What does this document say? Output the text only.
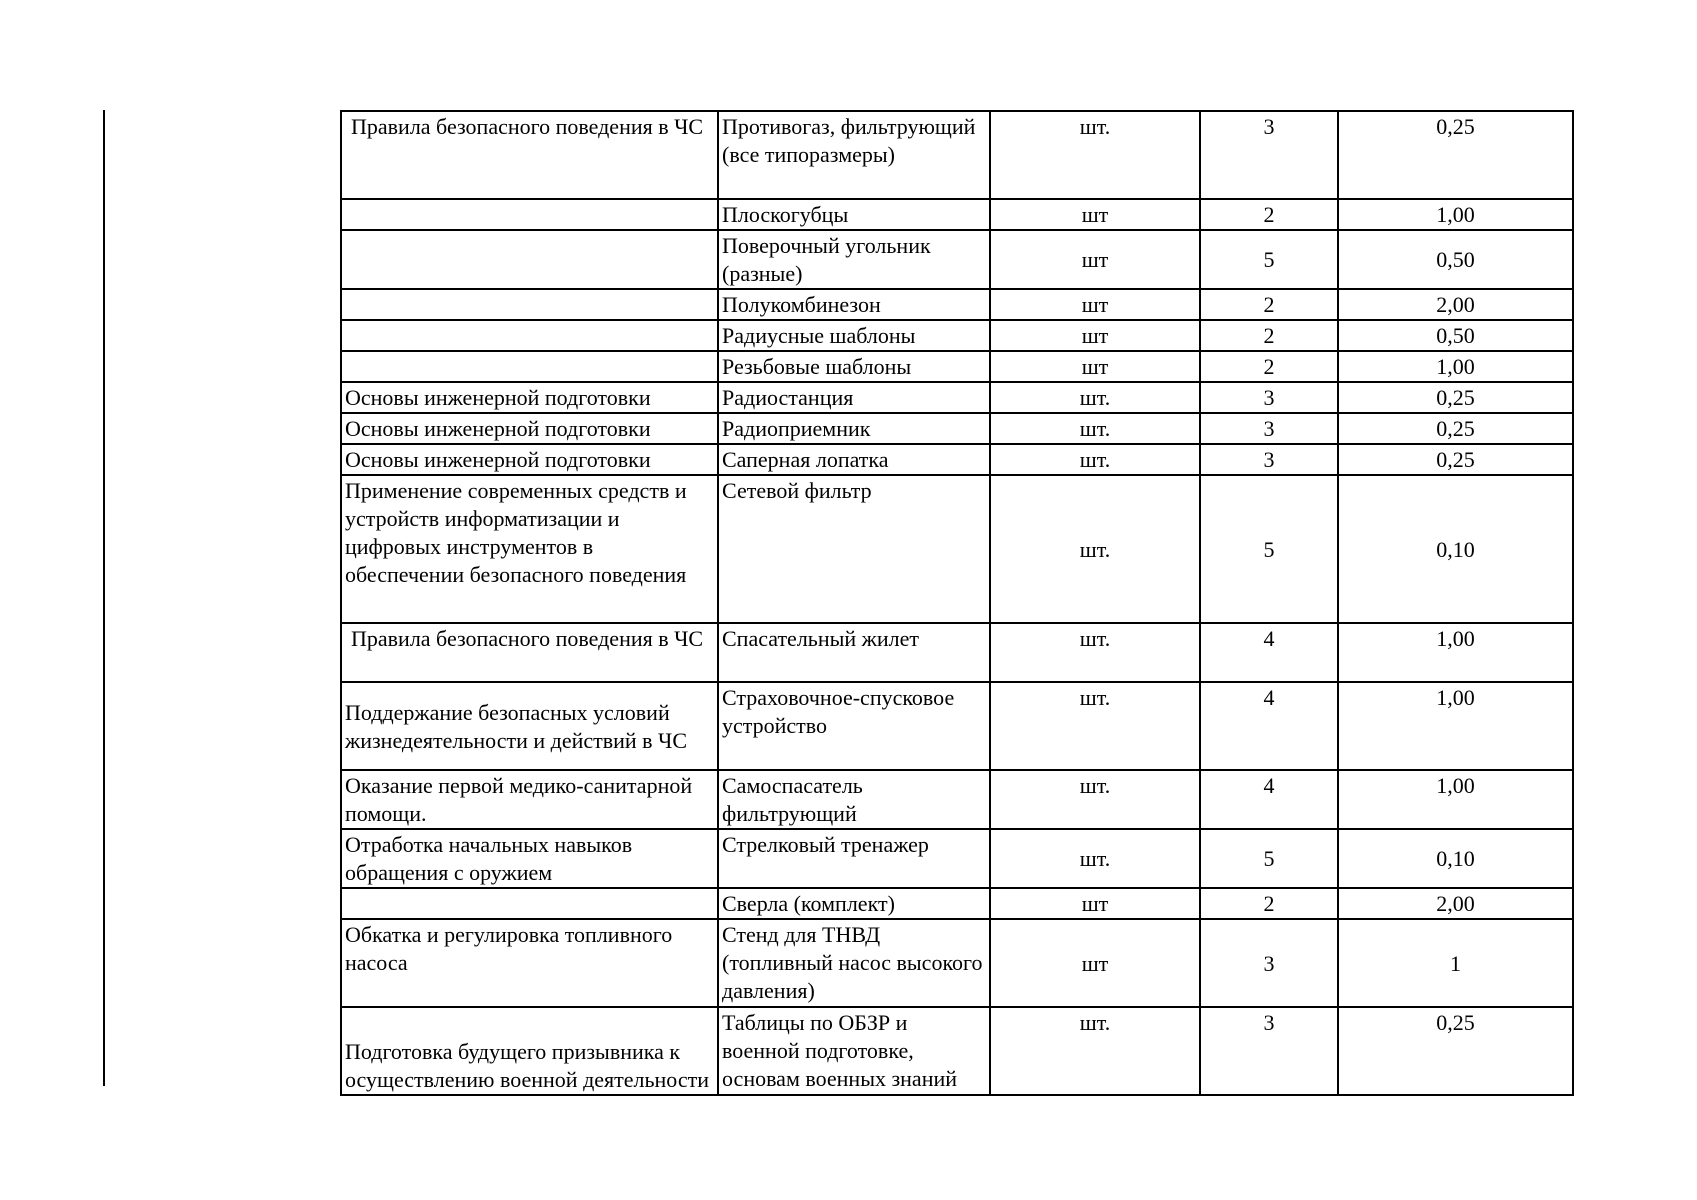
Правила безопасного поведения в ЧС	Противогаз, фильтрующий (все типоразмеры)	шт.	3	0,25
	Плоскогубцы	шт	2	1,00
	Поверочный угольник (разные)	шт	5	0,50
	Полукомбинезон	шт	2	2,00
	Радиусные шаблоны	шт	2	0,50
	Резьбовые шаблоны	шт	2	1,00
Основы инженерной подготовки	Радиостанция	шт.	3	0,25
Основы инженерной подготовки	Радиоприемник	шт.	3	0,25
Основы инженерной подготовки	Саперная лопатка	шт.	3	0,25
Применение современных средств и устройств информатизации и цифровых инструментов в обеспечении безопасного поведения	Сетевой фильтр	шт.	5	0,10
Правила безопасного поведения в ЧС	Спасательный жилет	шт.	4	1,00
Поддержание безопасных условий жизнедеятельности и действий в ЧС	Страховочное-спусковое устройство	шт.	4	1,00
Оказание первой медико-санитарной помощи.	Самоспасатель фильтрующий	шт.	4	1,00
Отработка начальных навыков обращения с оружием	Стрелковый тренажер	шт.	5	0,10
	Сверла (комплект)	шт	2	2,00
Обкатка и регулировка топливного насоса	Стенд для ТНВД (топливный насос высокого давления)	шт	3	1
Подготовка будущего призывника к осуществлению военной деятельности	Таблицы по ОБЗР и военной подготовке, основам военных знаний	шт.	3	0,25
